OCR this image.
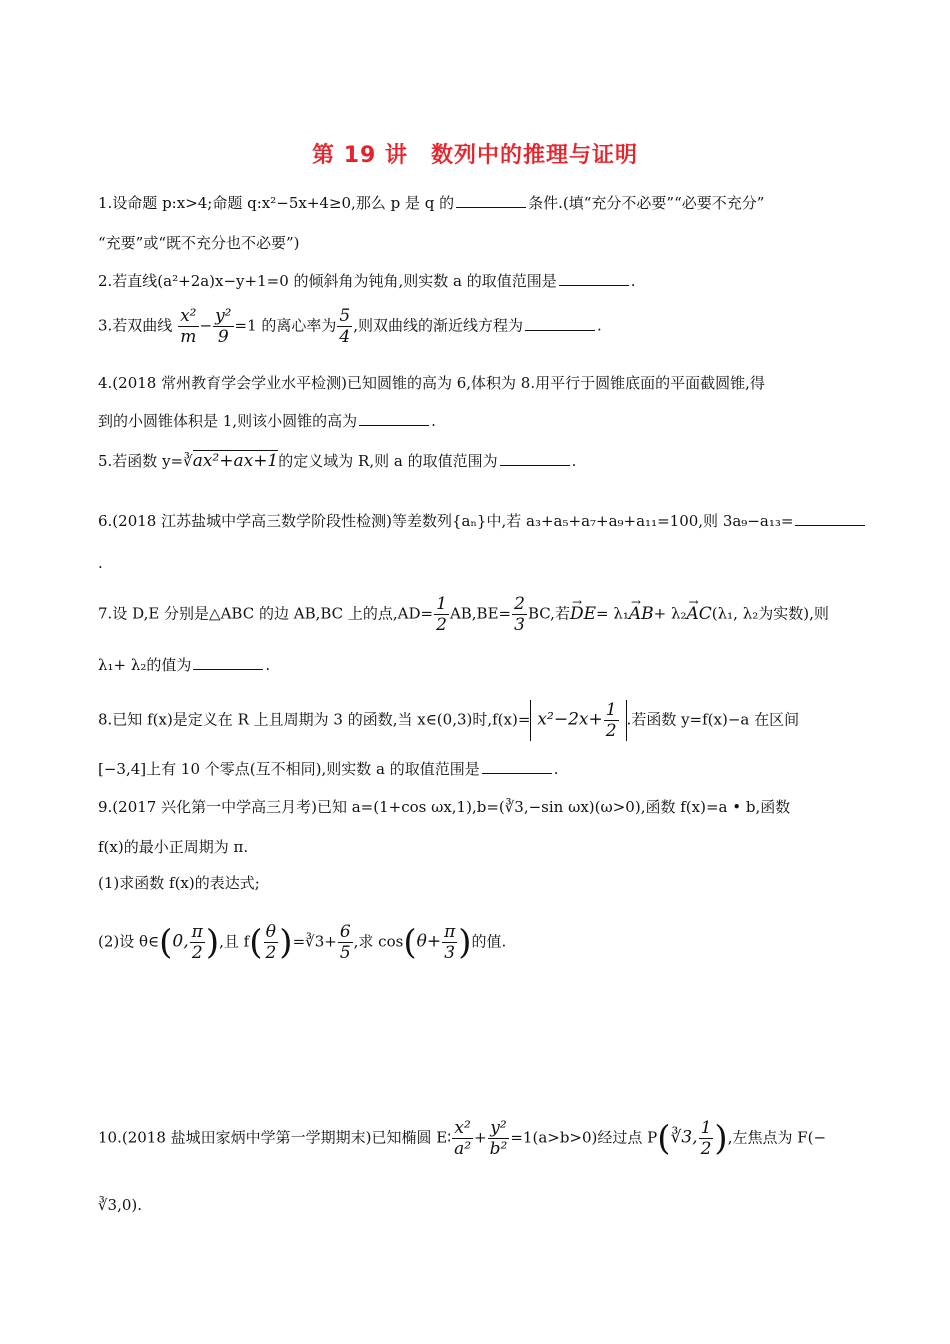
第 19 讲　数列中的推理与证明
1.设命题 p:x>4;命题 q:x²−5x+4≥0,那么 p 是 q 的	条件.(填“充分不必要”“必要不充分”
“充要”或“既不充分也不必要”)
2.若直线(a²+2a)x−y+1=0 的倾斜角为钝角,则实数 a 的取值范围是	.
3.若双曲线 $\frac{\text{x²}}{m} - \frac{\text{y²}}{9} =1$ 的离心率为 $\frac{5}{4}$ ,则双曲线的渐近线方程为	.
4.(2018 常州教育学会学业水平检测)已知圆锥的高为 6,体积为 8.用平行于圆锥底面的平面截圆锥,得
到的小圆锥体积是 1,则该小圆锥的高为	.
5.若函数 y=∛ax²+ax+1的定义域为 R,则 a 的取值范围为	.
6.(2018 江苏盐城中学高三数学阶段性检测)等差数列{aₙ}中,若 a₃+a₅+a₇+a₉+a₁₁=100,则 3a₉−a₁₃=
.
7.设 D,E 分别是△ABC 的边 AB,BC 上的点$,AD= \frac{1}{2} AB,BE= \frac{2}{3}$ BC,若→ DE= λ₁→ AB+ λ₂→ AC(λ₁, λ₂为实数),则
λ₁+ λ₂的值为	.
8.已知 f(x)是定义在 R 上且周期为 3 的函数,当 x∈(0,3)时$,f(x)= x^2-2x+ \frac{1}{2}$ .若函数 y=f(x)−a 在区间
[−3,4]上有 10 个零点(互不相同),则实数 a 的取值范围是	.
9.(2017 兴化第一中学高三月考)已知 a=(1+cos ωx,1),b=(∛3,−sin ωx)(ω>0),函数 f(x)=a • b,函数
f(x)的最小正周期为 π.
(1)求函数 f(x)的表达式;
(2)设 θ∈(0, $\frac{\pi}{2}$ ),且 $f( \frac{\theta}{2}$ )=∛3+ $\frac{6}{5}$ ,求 $\cos(\theta+ \frac{\pi}{3}$ )的值.
10.(2018 盐城田家炳中学第一学期期末)已知椭圆 E∶ $\frac{\text{x²}}{\text{a²}} + \frac{\text{y²}}{\text{b²}} =1(a>b>0)$经过点 P(∛3, $\frac{1}{2}$ ),左焦点为 F(−
∛3,0).
